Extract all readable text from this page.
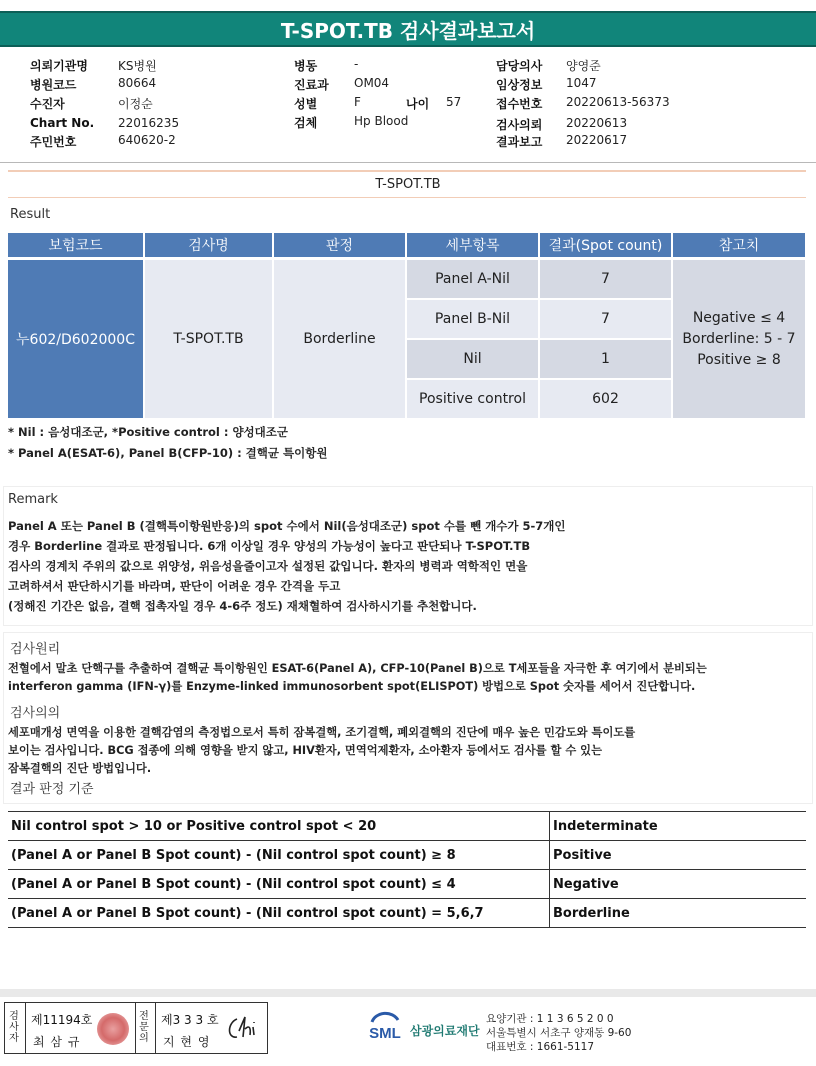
T-SPOT.TB 검사결과보고서
의뢰기관명	KS병원
병원코드	80664
수진자	이정순
Chart No. 22016235
주민번호	640620-2
병동	-
진료과 OM04
성별	F	나이 57
검체	Hp Blood
담당의사 양영준
임상정보 1047
접수번호 20220613-56373
검사의뢰 20220613
결과보고 20220617
T-SPOT.TB
Result
보험코드	검사명	판정	세부항목	결과(Spot count)	참고치
누602/D602000C	T-SPOT.TB	Borderline
Panel A-Nil	7
Panel B-Nil	7
Nil	1
Positive control	602
Negative ≤ 4
Borderline: 5 - 7
Positive ≥ 8
* Nil : 음성대조군, *Positive control : 양성대조군
* Panel A(ESAT-6), Panel B(CFP-10) : 결핵균 특이항원
Remark
Panel A 또는 Panel B (결핵특이항원반응)의 spot 수에서 Nil(음성대조군) spot 수를 뺀 개수가 5-7개인
경우 Borderline 결과로 판정됩니다. 6개 이상일 경우 양성의 가능성이 높다고 판단되나 T-SPOT.TB
검사의 경계치 주위의 값으로 위양성, 위음성을줄이고자 설정된 값입니다. 환자의 병력과 역학적인 면을
고려하셔서 판단하시기를 바라며, 판단이 어려운 경우 간격을 두고
(정해진 기간은 없음, 결핵 접촉자일 경우 4-6주 정도) 재채혈하여 검사하시기를 추천합니다.
검사원리
전혈에서 말초 단핵구를 추출하여 결핵균 특이항원인 ESAT-6(Panel A), CFP-10(Panel B)으로 T세포들을 자극한 후 여기에서 분비되는
interferon gamma (IFN-γ)를 Enzyme-linked immunosorbent spot(ELISPOT) 방법으로 Spot 숫자를 세어서 진단합니다.
검사의의
세포매개성 면역을 이용한 결핵감염의 측정법으로서 특히 잠복결핵, 조기결핵, 폐외결핵의 진단에 매우 높은 민감도와 특이도를
보이는 검사입니다. BCG 접종에 의해 영향을 받지 않고, HIV환자, 면역억제환자, 소아환자 등에서도 검사를 할 수 있는
잠복결핵의 진단 방법입니다.
결과 판정 기준
Nil control spot > 10 or Positive control spot < 20	Indeterminate
(Panel A or Panel B Spot count) - (Nil control spot count) ≥ 8	Positive
(Panel A or Panel B Spot count) - (Nil control spot count) ≤ 4	Negative
(Panel A or Panel B Spot count) - (Nil control spot count) = 5,6,7	Borderline
검
사
자
제11194호
최 삼 규
전
문
의
제3 3 3 호
지 현 영	SML 삼광의료재단
요양기관 : 1 1 3 6 5 2 0 0
서울특별시 서초구 양재동 9-60
대표번호 : 1661-5117
